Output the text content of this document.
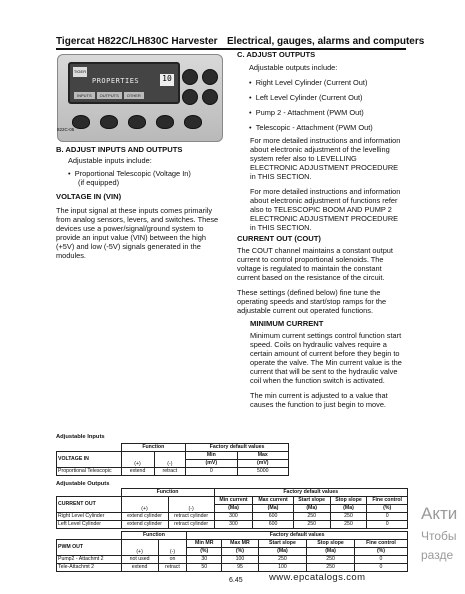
Tigercat H822C/LH830C Harvester Electrical, gauges, alarms and computers
TIGER
PROPERTIES	10
INPUTS	OUTPUTS	OTHER
822C-05

B. ADJUST INPUTS AND OUTPUTS

Adjustable inputs include:

•  Proportional Telescopic (Voltage In)

(if equipped)

VOLTAGE IN (VIN)

The input signal at these inputs comes primarily

from analog sensors, levers, and switches. These

devices use a power/signal/ground system to

provide an input value (VIN) between the high

(+5V) and low (-5V) signals generated in the

modules.

C. ADJUST OUTPUTS

Adjustable outputs include:

•  Right Level Cylinder (Current Out)

•  Left Level Cylinder (Current Out)

•  Pump 2 - Attachment (PWM Out)

•  Telescopic - Attachment (PWM Out)

For more detailed instructions and information

about electronic adjustment of the levelling

system refer also to LEVELLING

ELECTRONIC ADJUSTMENT PROCEDURE

in THIS SECTION.

For more detailed instructions and information

about electronic adjustment of functions refer

also to TELESCOPIC BOOM AND PUMP 2

ELECTRONIC ADJUSTMENT PROCEDURE

in THIS SECTION.

CURRENT OUT (COUT)

The COUT channel maintains a constant output

current to control proportional solenoids. The

voltage is regulated to maintain the constant

current based on the resistance of the circuit.

These settings (defined below) fine tune the

operating speeds and start/stop ramps for the

adjustable current out operated functions.

MINIMUM CURRENT

Minimum current settings control function start

speed. Coils on hydraulic valves require a

certain amount of current before they begin to

operate the valve. The Min current value is the

current that will be sent to the hydraulic valve

coil when the function switch is activated.

The min current is adjusted to a value that

causes the function to just begin to move.

Adjustable Inputs
	Function		Factory default values	
VOLTAGE IN	(+)	(-)	Min	Max
			(mV)	(mV)
Proportional Telescopic	extend	retract	0	5000
Adjustable Outputs
	Function		Factory default values				
CURRENT OUT	(+)	(-)	Min current	Max current	Start slope	Stop slope	Fine control
			(Ma)	(Ma)	(Ma)	(Ma)	(%)
Right Level Cylinder	extend cylinder	retract cylinder	300	600	250	250	0
Left Level Cylinder	extend cylinder	retract cylinder	300	600	250	250	0
	Function		Factory default values				
PWM OUT	(+)	(-)	Min MR	Max MR	Start slope	Stop slope	Fine control
			(%)	(%)	(Ma)	(Ma)	(%)
Pump2 - Attachmt 2	not used	on	30	100	250	250	0
Tele-Attachmt 2	extend	retract	50	95	100	250	0
6.45	www.epcatalogs.com
Акти
Чтобы
разде
